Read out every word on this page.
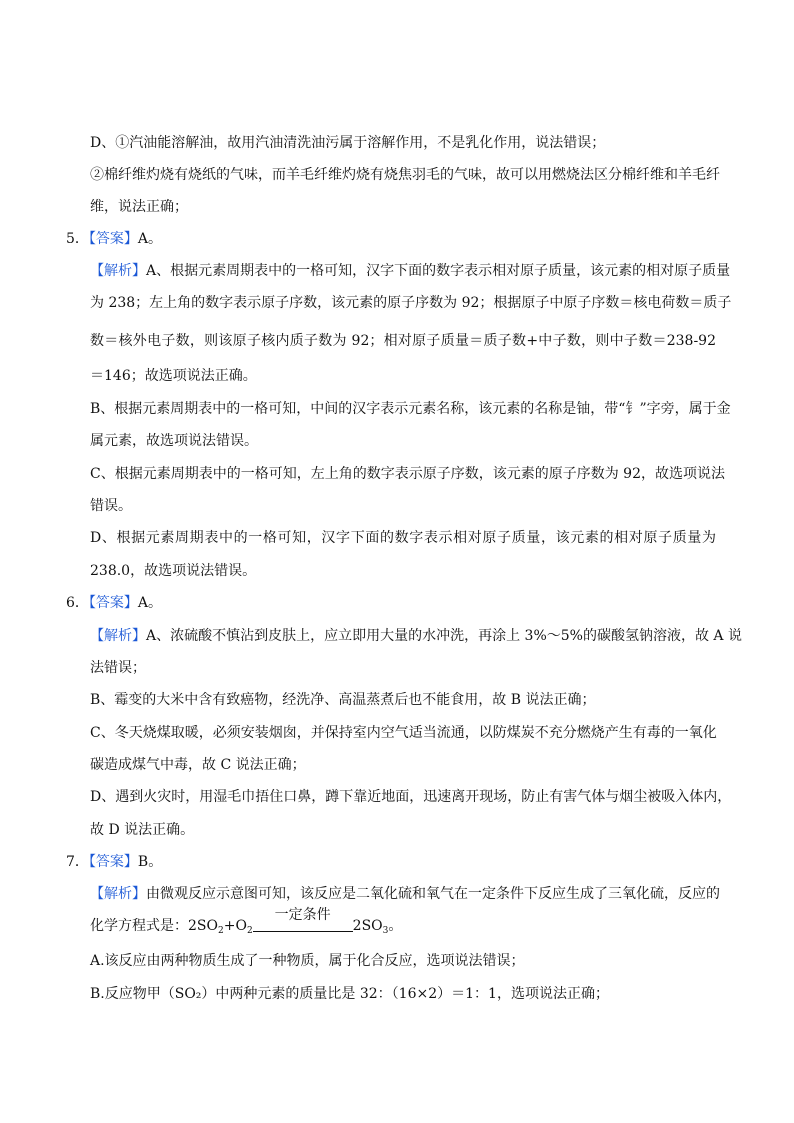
D、①汽油能溶解油，故用汽油清洗油污属于溶解作用，不是乳化作用，说法错误；
②棉纤维灼烧有烧纸的气味，而羊毛纤维灼烧有烧焦羽毛的气味，故可以用燃烧法区分棉纤维和羊毛纤
维，说法正确；
5．【答案】A。
【解析】A、根据元素周期表中的一格可知，汉字下面的数字表示相对原子质量，该元素的相对原子质量
为 238；左上角的数字表示原子序数，该元素的原子序数为 92；根据原子中原子序数＝核电荷数＝质子
数＝核外电子数，则该原子核内质子数为 92；相对原子质量＝质子数+中子数，则中子数＝238-92
＝146；故选项说法正确。
B、根据元素周期表中的一格可知，中间的汉字表示元素名称，该元素的名称是铀，带“钅”字旁，属于金
属元素，故选项说法错误。
C、根据元素周期表中的一格可知，左上角的数字表示原子序数，该元素的原子序数为 92，故选项说法
错误。
D、根据元素周期表中的一格可知，汉字下面的数字表示相对原子质量，该元素的相对原子质量为
238.0，故选项说法错误。
6．【答案】A。
【解析】A、浓硫酸不慎沾到皮肤上，应立即用大量的水冲洗，再涂上 3%～5%的碳酸氢钠溶液，故 A 说
法错误；
B、霉变的大米中含有致癌物，经洗净、高温蒸煮后也不能食用，故 B 说法正确；
C、冬天烧煤取暖，必须安装烟囱，并保持室内空气适当流通，以防煤炭不充分燃烧产生有毒的一氧化
碳造成煤气中毒，故 C 说法正确；
D、遇到火灾时，用湿毛巾捂住口鼻，蹲下靠近地面，迅速离开现场，防止有害气体与烟尘被吸入体内，
故 D 说法正确。
7．【答案】B。
【解析】由微观反应示意图可知，该反应是二氧化硫和氧气在一定条件下反应生成了三氧化硫，反应的
化学方程式是：$2SO_2+O_2$
一定条件
$2SO_3$。
A.该反应由两种物质生成了一种物质，属于化合反应，选项说法错误；
B.反应物甲（SO₂）中两种元素的质量比是 32：（16×2）＝1：1，选项说法正确；
